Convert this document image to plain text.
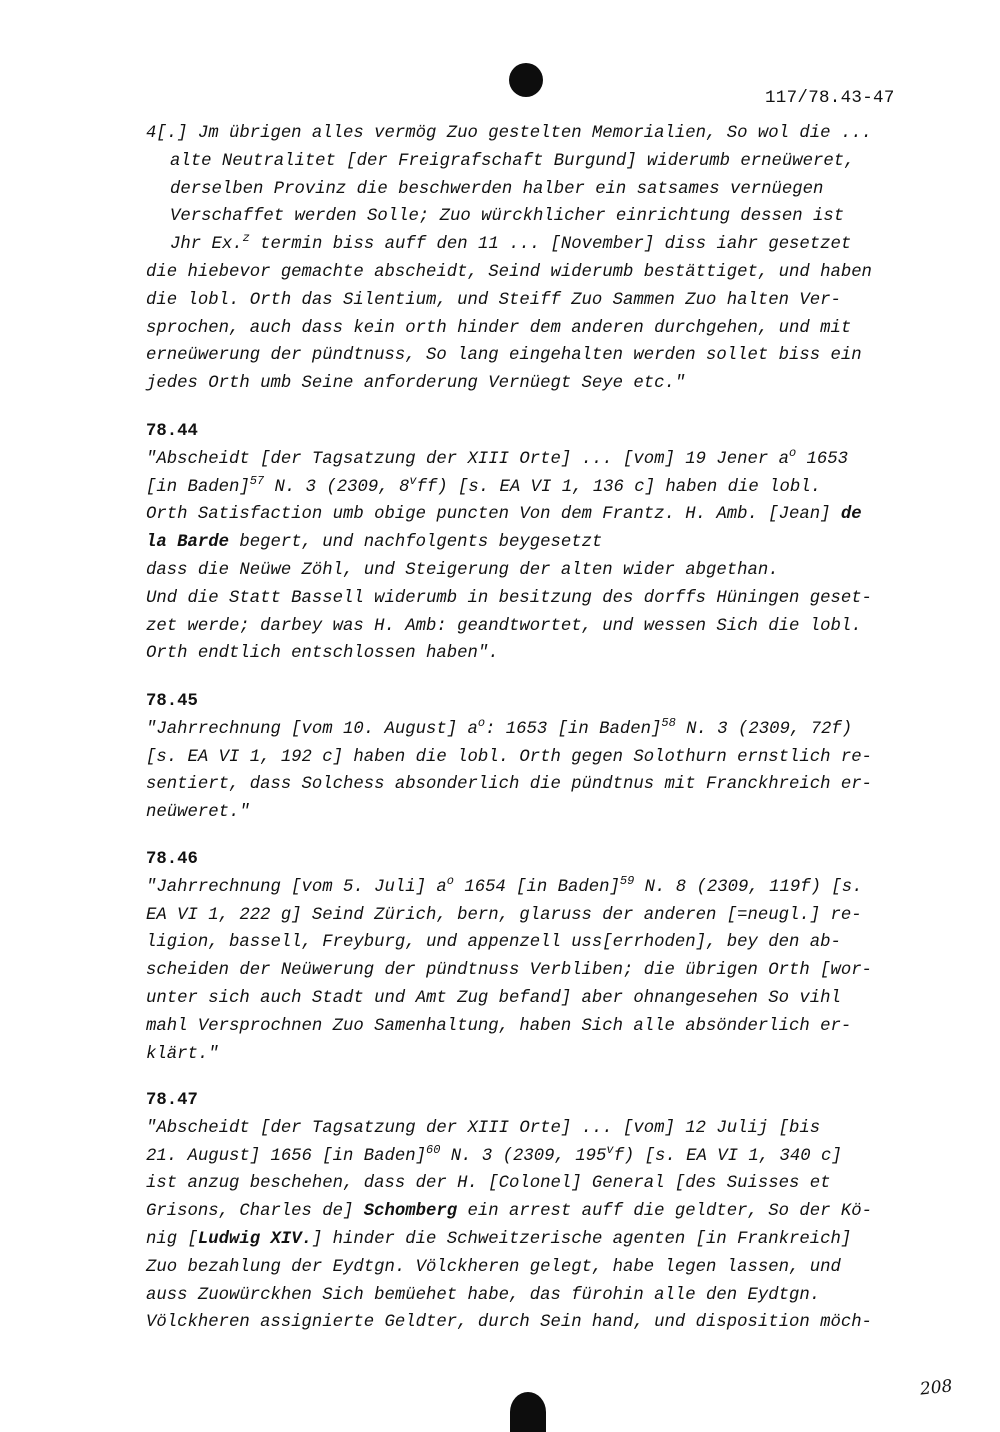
117/78.43-47
4[.] Jm übrigen alles vermög Zuo gestelten Memorialien, So wol die ...
alte Neutralitet [der Freigrafschaft Burgund] widerumb erneüweret,
derselben Provinz die beschwerden halber ein satsames vernüegen
Verschaffet werden Solle; Zuo würckhlicher einrichtung dessen ist
Jhr Ex.$^z$ termin biss auff den 11 ... [November] diss iahr gesetzet
die hiebevor gemachte abscheidt, Seind widerumb bestättiget, und haben
die lobl. Orth das Silentium, und Steiff Zuo Sammen Zuo halten Ver-
sprochen, auch dass kein orth hinder dem anderen durchgehen, und mit
erneüwerung der pündtnuss, So lang eingehalten werden sollet biss ein
jedes Orth umb Seine anforderung Vernüegt Seye etc."
78.44
"Abscheidt [der Tagsatzung der XIII Orte] ... [vom] 19 Jener $a^o$ 1653
[in Baden]$^{57}$ N. 3 (2309, 8$^v$ff) [s. EA VI 1, 136 c] haben die lobl.
Orth Satisfaction umb obige puncten Von dem Frantz. H. Amb. [Jean] de
la Barde begert, und nachfolgents beygesetzt
dass die Neüwe Zöhl, und Steigerung der alten wider abgethan.
Und die Statt Bassell widerumb in besitzung des dorffs Hüningen geset-
zet werde; darbey was H. Amb: geandtwortet, und wessen Sich die lobl.
Orth endtlich entschlossen haben".
78.45
"Jahrrechnung [vom 10. August] $a^o$: 1653 [in Baden]$^{58}$ N. 3 (2309, 72f)
[s. EA VI 1, 192 c] haben die lobl. Orth gegen Solothurn ernstlich re-
sentiert, dass Solchess absonderlich die pündtnus mit Franckhreich er-
neüweret."
78.46
"Jahrrechnung [vom 5. Juli] $a^o$ 1654 [in Baden]$^{59}$ N. 8 (2309, 119f) [s.
EA VI 1, 222 g] Seind Zürich, bern, glaruss der anderen [=neugl.] re-
ligion, bassell, Freyburg, und appenzell uss[errhoden], bey den ab-
scheiden der Neüwerung der pündtnuss Verbliben; die übrigen Orth [wor-
unter sich auch Stadt und Amt Zug befand] aber ohnangesehen So vihl
mahl Versprochnen Zuo Samenhaltung, haben Sich alle absönderlich er-
klärt."
78.47
"Abscheidt [der Tagsatzung der XIII Orte] ... [vom] 12 Julij [bis
21. August] 1656 [in Baden]$^{60}$ N. 3 (2309, 195$^v$f) [s. EA VI 1, 340 c]
ist anzug beschehen, dass der H. [Colonel] General [des Suisses et
Grisons, Charles de] Schomberg ein arrest auff die geldter, So der Kö-
nig [Ludwig XIV.] hinder die Schweitzerische agenten [in Frankreich]
Zuo bezahlung der Eydtgn. Völckheren gelegt, habe legen lassen, und
auss Zuowürckhen Sich bemüehet habe, das fürohin alle den Eydtgn.
Völckheren assignierte Geldter, durch Sein hand, und disposition möch-
208
